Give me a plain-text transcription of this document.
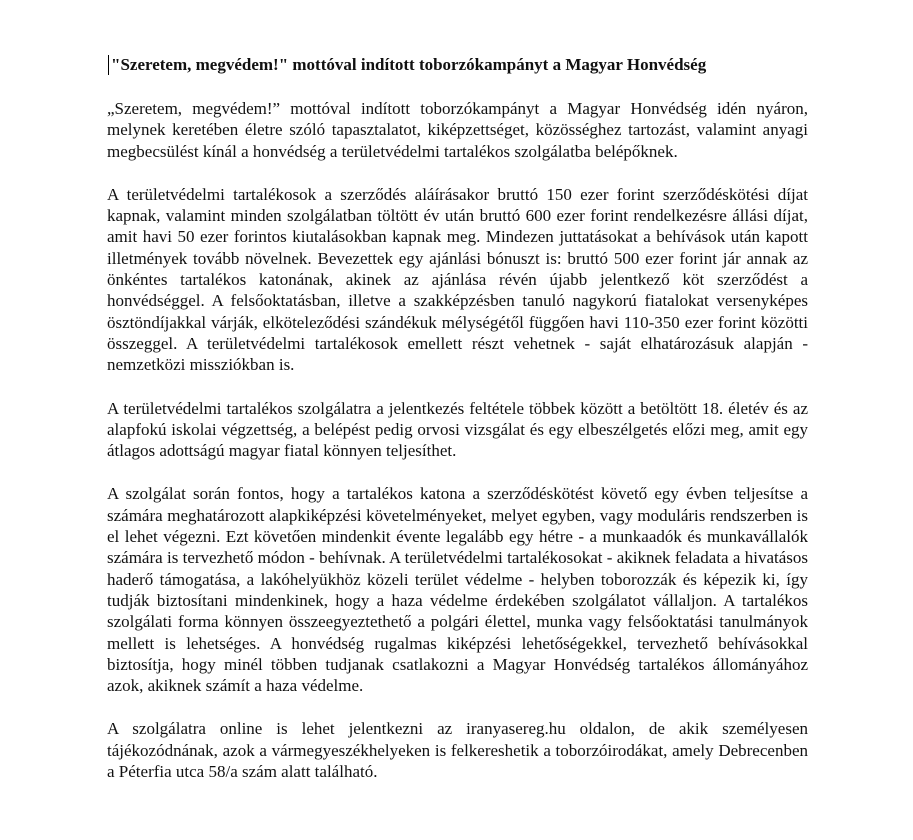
"Szeretem, megvédem!" mottóval indított toborzókampányt a Magyar Honvédség

„Szeretem, megvédem!” mottóval indított toborzókampányt a Magyar Honvédség idén nyáron, melynek keretében életre szóló tapasztalatot, kiképzettséget, közösséghez tartozást, valamint anyagi megbecsülést kínál a honvédség a területvédelmi tartalékos szolgálatba belépőknek.

A területvédelmi tartalékosok a szerződés aláírásakor bruttó 150 ezer forint szerződéskötési díjat kapnak, valamint minden szolgálatban töltött év után bruttó 600 ezer forint rendelkezésre állási díjat, amit havi 50 ezer forintos kiutalásokban kapnak meg. Mindezen juttatásokat a behívások után kapott illetmények tovább növelnek. Bevezettek egy ajánlási bónuszt is: bruttó 500 ezer forint jár annak az önkéntes tartalékos katonának, akinek az ajánlása révén újabb jelentkező köt szerződést a honvédséggel. A felsőoktatásban, illetve a szakképzésben tanuló nagykorú fiatalokat versenyképes ösztöndíjakkal várják, elköteleződési szándékuk mélységétől függően havi 110-350 ezer forint közötti összeggel. A területvédelmi tartalékosok emellett részt vehetnek - saját elhatározásuk alapján - nemzetközi missziókban is.

A területvédelmi tartalékos szolgálatra a jelentkezés feltétele többek között a betöltött 18. életév és az alapfokú iskolai végzettség, a belépést pedig orvosi vizsgálat és egy elbeszélgetés előzi meg, amit egy átlagos adottságú magyar fiatal könnyen teljesíthet.

A szolgálat során fontos, hogy a tartalékos katona a szerződéskötést követő egy évben teljesítse a számára meghatározott alapkiképzési követelményeket, melyet egyben, vagy moduláris rendszerben is el lehet végezni. Ezt követően mindenkit évente legalább egy hétre - a munkaadók és munkavállalók számára is tervezhető módon - behívnak. A területvédelmi tartalékosokat - akiknek feladata a hivatásos haderő támogatása, a lakóhelyükhöz közeli terület védelme - helyben toborozzák és képezik ki, így tudják biztosítani mindenkinek, hogy a haza védelme érdekében szolgálatot vállaljon. A tartalékos szolgálati forma könnyen összeegyeztethető a polgári élettel, munka vagy felsőoktatási tanulmányok mellett is lehetséges. A honvédség rugalmas kiképzési lehetőségekkel, tervezhető behívásokkal biztosítja, hogy minél többen tudjanak csatlakozni a Magyar Honvédség tartalékos állományához azok, akiknek számít a haza védelme.

A szolgálatra online is lehet jelentkezni az iranyasereg.hu oldalon, de akik személyesen tájékozódnának, azok a vármegyeszékhelyeken is felkereshetik a toborzóirodákat, amely Debrecenben a Péterfia utca 58/a szám alatt található.
